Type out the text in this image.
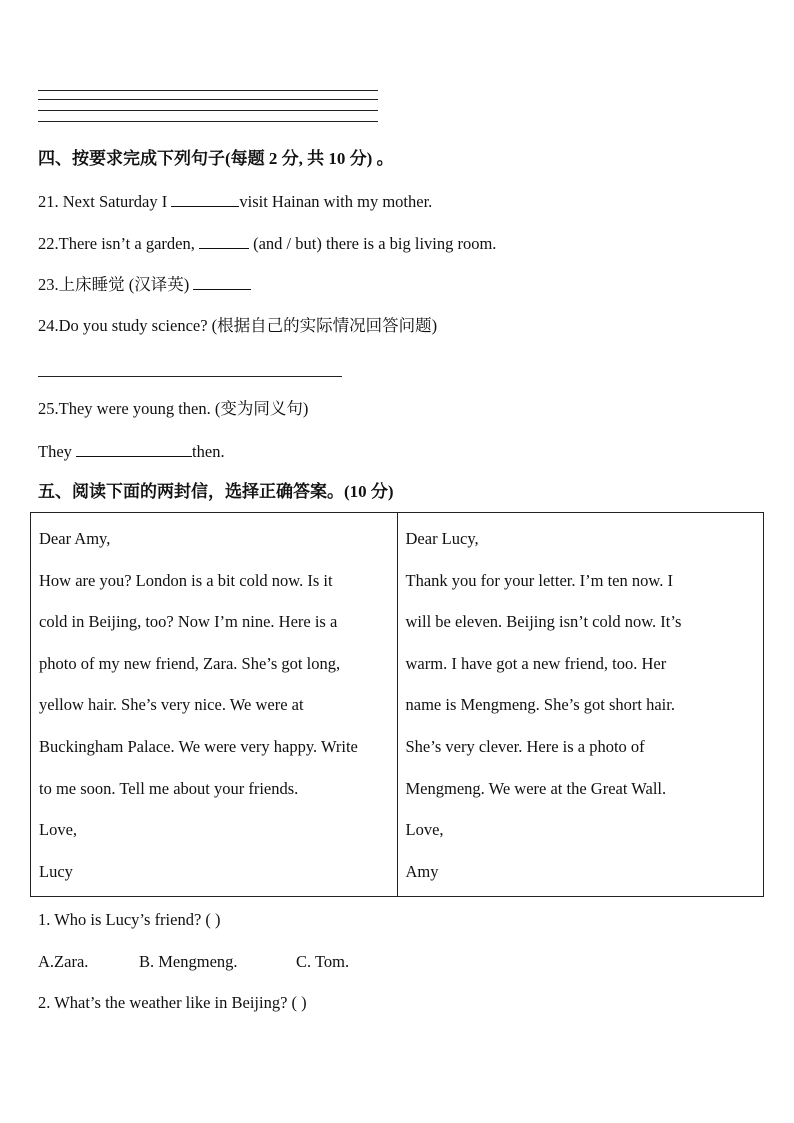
四、按要求完成下列句子(每题 2 分, 共 10 分) 。
21. Next Saturday I	visit Hainan with my mother.
22.There isn’t a garden,	(and / but) there is a big living room.
23.上床睡觉 (汉译英)
24.Do you study science? (根据自己的实际情况回答问题)
25.They were young then. (变为同义句)
They	then.
五、阅读下面的两封信，选择正确答案。(10 分)
Dear Amy,
How are you? London is a bit cold now. Is it
cold in Beijing, too? Now I’m nine. Here is a
photo of my new friend, Zara. She’s got long,
yellow hair. She’s very nice. We were at
Buckingham Palace. We were very happy. Write
to me soon. Tell me about your friends.
Love,
Lucy
Dear Lucy,
Thank you for your letter. I’m ten now. I
will be eleven. Beijing isn’t cold now. It’s
warm. I have got a new friend, too. Her
name is Mengmeng. She’s got short hair.
She’s very clever. Here is a photo of
Mengmeng. We were at the Great Wall.
Love,
Amy
1. Who is Lucy’s friend? ( )
A.Zara.	B. Mengmeng.	C. Tom.
2. What’s the weather like in Beijing? ( )
